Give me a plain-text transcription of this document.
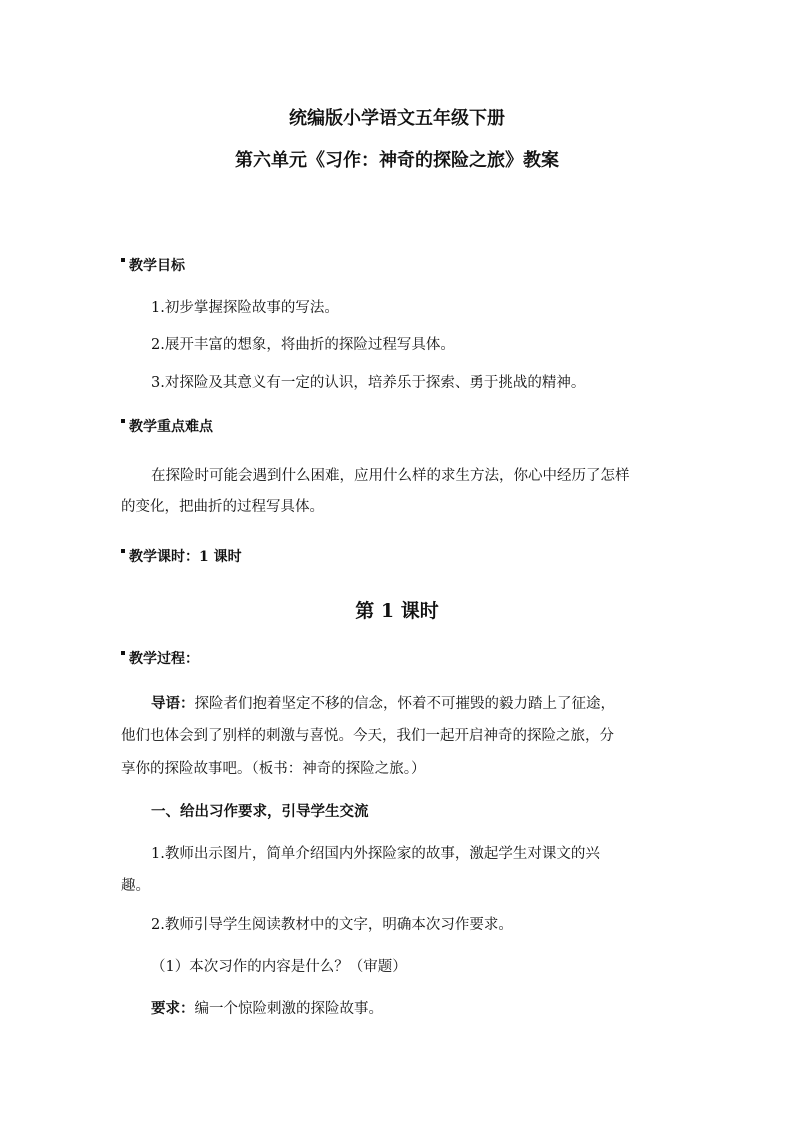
统编版小学语文五年级下册
第六单元《习作：神奇的探险之旅》教案
教学目标
1.初步掌握探险故事的写法。
2.展开丰富的想象，将曲折的探险过程写具体。
3.对探险及其意义有一定的认识，培养乐于探索、勇于挑战的精神。
教学重点难点
在探险时可能会遇到什么困难，应用什么样的求生方法，你心中经历了怎样
的变化，把曲折的过程写具体。
教学课时：1 课时
第 1 课时
教学过程：
导语：探险者们抱着坚定不移的信念，怀着不可摧毁的毅力踏上了征途，
他们也体会到了别样的刺激与喜悦。今天，我们一起开启神奇的探险之旅，分
享你的探险故事吧。（板书：神奇的探险之旅。）
一、给出习作要求，引导学生交流
1.教师出示图片，简单介绍国内外探险家的故事，激起学生对课文的兴
趣。
2.教师引导学生阅读教材中的文字，明确本次习作要求。
（1）本次习作的内容是什么？（审题）
要求：编一个惊险刺激的探险故事。
